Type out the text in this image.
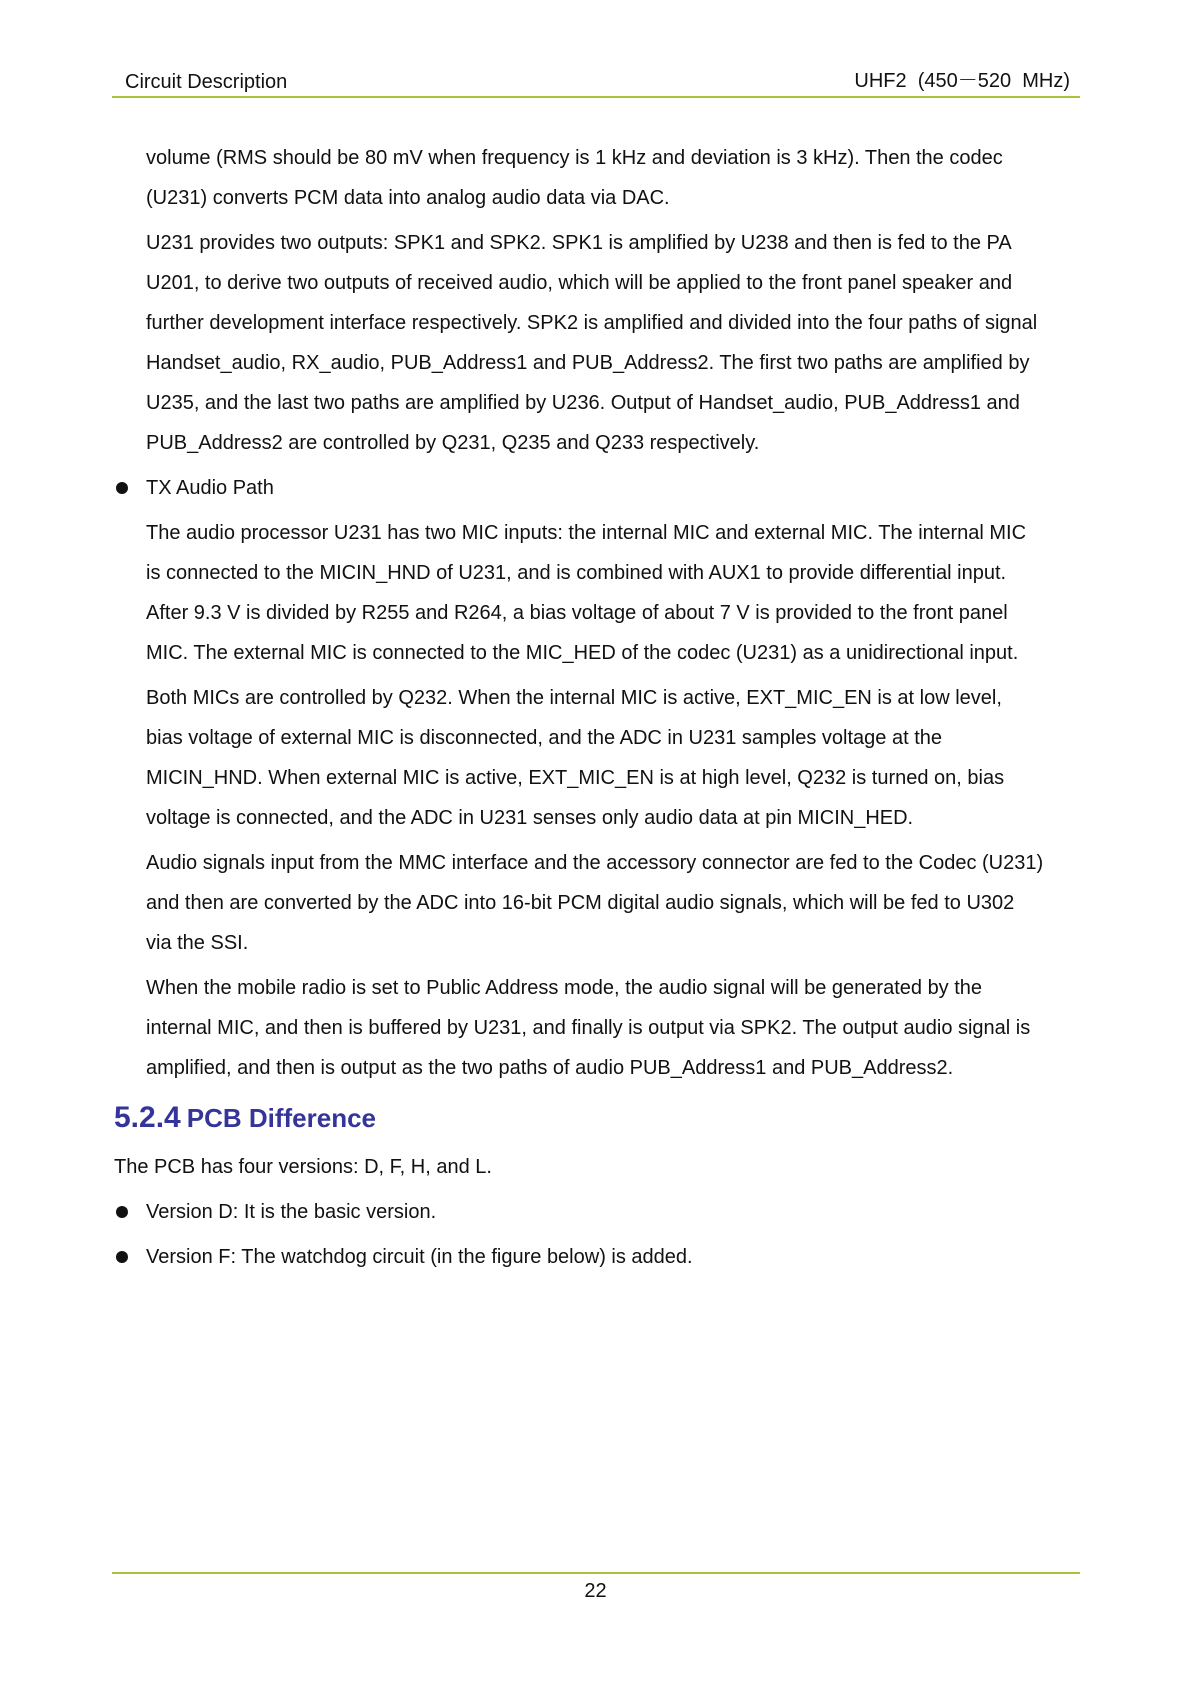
Circuit Description	UHF2  (450－520  MHz)
volume (RMS should be 80 mV when frequency is 1 kHz and deviation is 3 kHz). Then the codec
(U231) converts PCM data into analog audio data via DAC.
U231 provides two outputs: SPK1 and SPK2. SPK1 is amplified by U238 and then is fed to the PA
U201, to derive two outputs of received audio, which will be applied to the front panel speaker and
further development interface respectively. SPK2 is amplified and divided into the four paths of signal
Handset_audio, RX_audio, PUB_Address1 and PUB_Address2. The first two paths are amplified by
U235, and the last two paths are amplified by U236. Output of Handset_audio, PUB_Address1 and
PUB_Address2 are controlled by Q231, Q235 and Q233 respectively.
TX Audio Path
The audio processor U231 has two MIC inputs: the internal MIC and external MIC. The internal MIC
is connected to the MICIN_HND of U231, and is combined with AUX1 to provide differential input.
After 9.3 V is divided by R255 and R264, a bias voltage of about 7 V is provided to the front panel
MIC. The external MIC is connected to the MIC_HED of the codec (U231) as a unidirectional input.
Both MICs are controlled by Q232. When the internal MIC is active, EXT_MIC_EN is at low level,
bias voltage of external MIC is disconnected, and the ADC in U231 samples voltage at the
MICIN_HND. When external MIC is active, EXT_MIC_EN is at high level, Q232 is turned on, bias
voltage is connected, and the ADC in U231 senses only audio data at pin MICIN_HED.
Audio signals input from the MMC interface and the accessory connector are fed to the Codec (U231)
and then are converted by the ADC into 16-bit PCM digital audio signals, which will be fed to U302
via the SSI.
When the mobile radio is set to Public Address mode, the audio signal will be generated by the
internal MIC, and then is buffered by U231, and finally is output via SPK2. The output audio signal is
amplified, and then is output as the two paths of audio PUB_Address1 and PUB_Address2.
5.2.4 PCB Difference
The PCB has four versions: D, F, H, and L.
Version D: It is the basic version.
Version F: The watchdog circuit (in the figure below) is added.
22
